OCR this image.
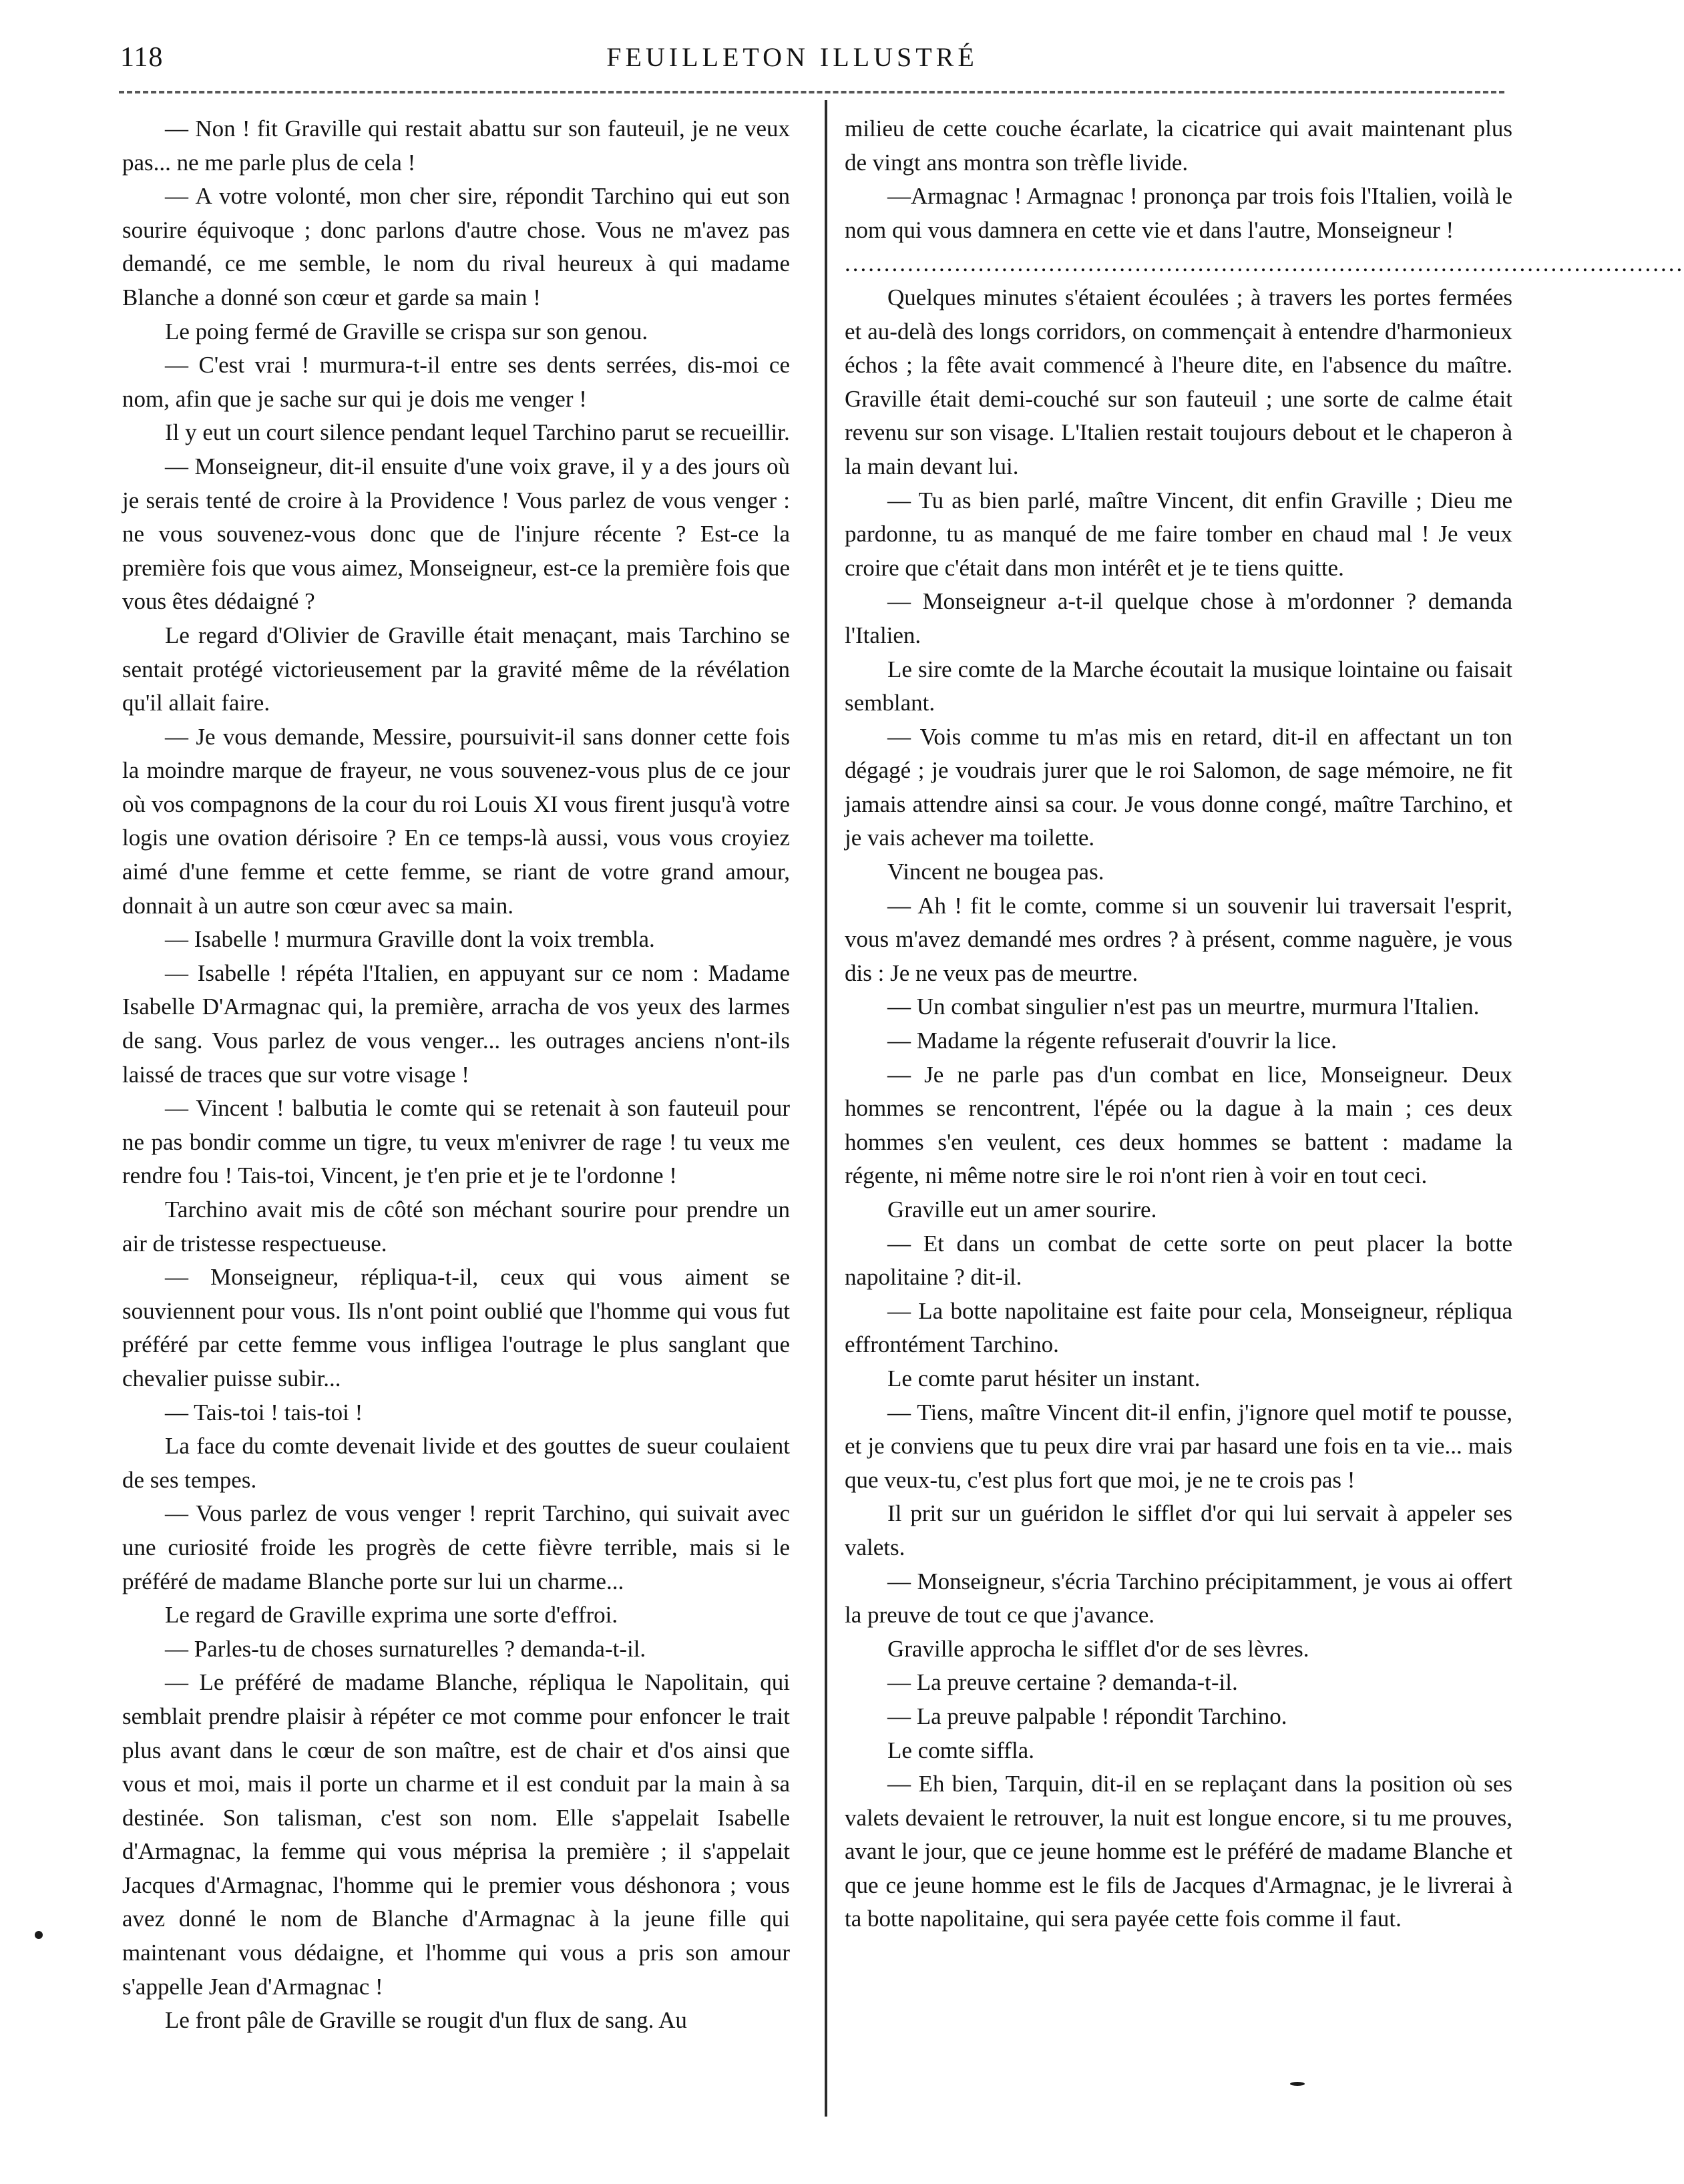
118	FEUILLETON ILLUSTRÉ

— Non ! fit Graville qui restait abattu sur son fauteuil, je ne veux pas... ne me parle plus de cela !

— A votre volonté, mon cher sire, répondit Tarchino qui eut son sourire équivoque ; donc parlons d'autre chose. Vous ne m'avez pas demandé, ce me semble, le nom du rival heureux à qui madame Blanche a donné son cœur et garde sa main !

Le poing fermé de Graville se crispa sur son genou.

— C'est vrai ! murmura-t-il entre ses dents serrées, dis-moi ce nom, afin que je sache sur qui je dois me venger !

Il y eut un court silence pendant lequel Tarchino parut se recueillir.

— Monseigneur, dit-il ensuite d'une voix grave, il y a des jours où je serais tenté de croire à la Providence ! Vous parlez de vous venger : ne vous souvenez-vous donc que de l'injure récente ? Est-ce la première fois que vous aimez, Monseigneur, est-ce la première fois que vous êtes dédaigné ?

Le regard d'Olivier de Graville était menaçant, mais Tarchino se sentait protégé victorieusement par la gravité même de la révélation qu'il allait faire.

— Je vous demande, Messire, poursuivit-il sans donner cette fois la moindre marque de frayeur, ne vous souvenez-vous plus de ce jour où vos compagnons de la cour du roi Louis XI vous firent jusqu'à votre logis une ovation dérisoire ? En ce temps-là aussi, vous vous croyiez aimé d'une femme et cette femme, se riant de votre grand amour, donnait à un autre son cœur avec sa main.

— Isabelle ! murmura Graville dont la voix trembla.

— Isabelle ! répéta l'Italien, en appuyant sur ce nom : Madame Isabelle D'Armagnac qui, la première, arracha de vos yeux des larmes de sang. Vous parlez de vous venger... les outrages anciens n'ont-ils laissé de traces que sur votre visage !

— Vincent ! balbutia le comte qui se retenait à son fauteuil pour ne pas bondir comme un tigre, tu veux m'enivrer de rage ! tu veux me rendre fou ! Tais-toi, Vincent, je t'en prie et je te l'ordonne !

Tarchino avait mis de côté son méchant sourire pour prendre un air de tristesse respectueuse.

— Monseigneur, répliqua-t-il, ceux qui vous aiment se souviennent pour vous. Ils n'ont point oublié que l'homme qui vous fut préféré par cette femme vous infligea l'outrage le plus sanglant que chevalier puisse subir...

— Tais-toi ! tais-toi !

La face du comte devenait livide et des gouttes de sueur coulaient de ses tempes.

— Vous parlez de vous venger ! reprit Tarchino, qui suivait avec une curiosité froide les progrès de cette fièvre terrible, mais si le préféré de madame Blanche porte sur lui un charme...

Le regard de Graville exprima une sorte d'effroi.

— Parles-tu de choses surnaturelles ? demanda-t-il.

— Le préféré de madame Blanche, répliqua le Napolitain, qui semblait prendre plaisir à répéter ce mot comme pour enfoncer le trait plus avant dans le cœur de son maître, est de chair et d'os ainsi que vous et moi, mais il porte un charme et il est conduit par la main à sa destinée. Son talisman, c'est son nom. Elle s'appelait Isabelle d'Armagnac, la femme qui vous méprisa la première ; il s'appelait Jacques d'Armagnac, l'homme qui le premier vous déshonora ; vous avez donné le nom de Blanche d'Armagnac à la jeune fille qui maintenant vous dédaigne, et l'homme qui vous a pris son amour s'appelle Jean d'Armagnac !

Le front pâle de Graville se rougit d'un flux de sang. Au

milieu de cette couche écarlate, la cicatrice qui avait maintenant plus de vingt ans montra son trèfle livide.

—Armagnac ! Armagnac ! prononça par trois fois l'Italien, voilà le nom qui vous damnera en cette vie et dans l'autre, Monseigneur !

...........................................................................................................

Quelques minutes s'étaient écoulées ; à travers les portes fermées et au-delà des longs corridors, on commençait à entendre d'harmonieux échos ; la fête avait commencé à l'heure dite, en l'absence du maître. Graville était demi-couché sur son fauteuil ; une sorte de calme était revenu sur son visage. L'Italien restait toujours debout et le chaperon à la main devant lui.

— Tu as bien parlé, maître Vincent, dit enfin Graville ; Dieu me pardonne, tu as manqué de me faire tomber en chaud mal ! Je veux croire que c'était dans mon intérêt et je te tiens quitte.

— Monseigneur a-t-il quelque chose à m'ordonner ? demanda l'Italien.

Le sire comte de la Marche écoutait la musique lointaine ou faisait semblant.

— Vois comme tu m'as mis en retard, dit-il en affectant un ton dégagé ; je voudrais jurer que le roi Salomon, de sage mémoire, ne fit jamais attendre ainsi sa cour. Je vous donne congé, maître Tarchino, et je vais achever ma toilette.

Vincent ne bougea pas.

— Ah ! fit le comte, comme si un souvenir lui traversait l'esprit, vous m'avez demandé mes ordres ? à présent, comme naguère, je vous dis : Je ne veux pas de meurtre.

— Un combat singulier n'est pas un meurtre, murmura l'Italien.

— Madame la régente refuserait d'ouvrir la lice.

— Je ne parle pas d'un combat en lice, Monseigneur. Deux hommes se rencontrent, l'épée ou la dague à la main ; ces deux hommes s'en veulent, ces deux hommes se battent : madame la régente, ni même notre sire le roi n'ont rien à voir en tout ceci.

Graville eut un amer sourire.

— Et dans un combat de cette sorte on peut placer la botte napolitaine ? dit-il.

— La botte napolitaine est faite pour cela, Monseigneur, répliqua effrontément Tarchino.

Le comte parut hésiter un instant.

— Tiens, maître Vincent dit-il enfin, j'ignore quel motif te pousse, et je conviens que tu peux dire vrai par hasard une fois en ta vie... mais que veux-tu, c'est plus fort que moi, je ne te crois pas !

Il prit sur un guéridon le sifflet d'or qui lui servait à appeler ses valets.

— Monseigneur, s'écria Tarchino précipitamment, je vous ai offert la preuve de tout ce que j'avance.

Graville approcha le sifflet d'or de ses lèvres.

— La preuve certaine ? demanda-t-il.

— La preuve palpable ! répondit Tarchino.

Le comte siffla.

— Eh bien, Tarquin, dit-il en se replaçant dans la position où ses valets devaient le retrouver, la nuit est longue encore, si tu me prouves, avant le jour, que ce jeune homme est le préféré de madame Blanche et que ce jeune homme est le fils de Jacques d'Armagnac, je le livrerai à ta botte napolitaine, qui sera payée cette fois comme il faut.
